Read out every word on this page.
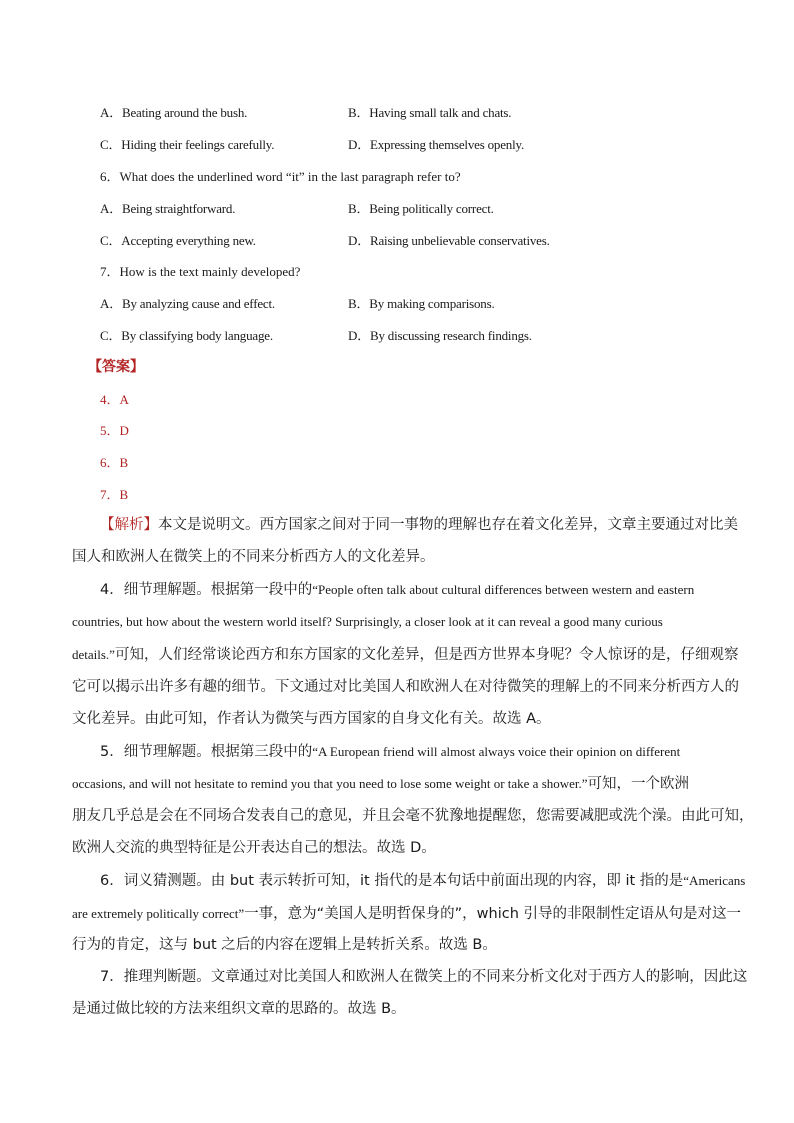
A．Beating around the bush.	B．Having small talk and chats.
C．Hiding their feelings carefully.	D．Expressing themselves openly.
6．What does the underlined word “it” in the last paragraph refer to?
A．Being straightforward.	B．Being politically correct.
C．Accepting everything new.	D．Raising unbelievable conservatives.
7．How is the text mainly developed?
A．By analyzing cause and effect.	B．By making comparisons.
C．By classifying body language.	D．By discussing research findings.
【答案】
4．A
5．D
6．B
7．B
【解析】本文是说明文。西方国家之间对于同一事物的理解也存在着文化差异，文章主要通过对比美
国人和欧洲人在微笑上的不同来分析西方人的文化差异。
4．细节理解题。根据第一段中的“People often talk about cultural differences between western and eastern
countries, but how about the western world itself? Surprisingly, a closer look at it can reveal a good many curious
details.”可知，人们经常谈论西方和东方国家的文化差异，但是西方世界本身呢？令人惊讶的是，仔细观察
它可以揭示出许多有趣的细节。下文通过对比美国人和欧洲人在对待微笑的理解上的不同来分析西方人的
文化差异。由此可知，作者认为微笑与西方国家的自身文化有关。故选 A。
5．细节理解题。根据第三段中的“A European friend will almost always voice their opinion on different
occasions, and will not hesitate to remind you that you need to lose some weight or take a shower.”可知，一个欧洲
朋友几乎总是会在不同场合发表自己的意见，并且会毫不犹豫地提醒您，您需要减肥或洗个澡。由此可知，
欧洲人交流的典型特征是公开表达自己的想法。故选 D。
6．词义猜测题。由 but 表示转折可知，it 指代的是本句话中前面出现的内容，即 it 指的是“Americans
are extremely politically correct”一事，意为“美国人是明哲保身的”，which 引导的非限制性定语从句是对这一
行为的肯定，这与 but 之后的内容在逻辑上是转折关系。故选 B。
7．推理判断题。文章通过对比美国人和欧洲人在微笑上的不同来分析文化对于西方人的影响，因此这
是通过做比较的方法来组织文章的思路的。故选 B。
